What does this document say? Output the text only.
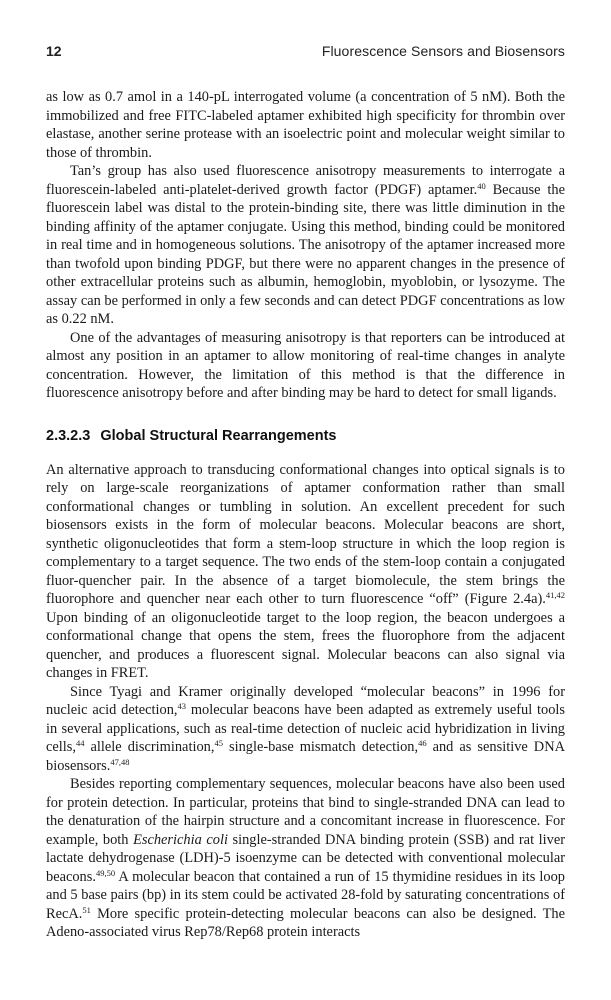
12	Fluorescence Sensors and Biosensors

as low as 0.7 amol in a 140-pL interrogated volume (a concentration of 5 nM). Both the immobilized and free FITC-labeled aptamer exhibited high specificity for thrombin over elastase, another serine protease with an isoelectric point and molecular weight similar to those of thrombin.

Tan’s group has also used fluorescence anisotropy measurements to interrogate a fluorescein-labeled anti-platelet-derived growth factor (PDGF) aptamer.$^{40}$ Because the fluorescein label was distal to the protein-binding site, there was little diminution in the binding affinity of the aptamer conjugate. Using this method, binding could be monitored in real time and in homogeneous solutions. The anisotropy of the aptamer increased more than twofold upon binding PDGF, but there were no apparent changes in the presence of other extracellular proteins such as albumin, hemoglobin, myoblobin, or lysozyme. The assay can be performed in only a few seconds and can detect PDGF concentrations as low as 0.22 nM.

One of the advantages of measuring anisotropy is that reporters can be introduced at almost any position in an aptamer to allow monitoring of real-time changes in analyte concentration. However, the limitation of this method is that the difference in fluorescence anisotropy before and after binding may be hard to detect for small ligands.

2.3.2.3 Global Structural Rearrangements

An alternative approach to transducing conformational changes into optical signals is to rely on large-scale reorganizations of aptamer conformation rather than small conformational changes or tumbling in solution. An excellent precedent for such biosensors exists in the form of molecular beacons. Molecular beacons are short, synthetic oligonucleotides that form a stem-loop structure in which the loop region is complementary to a target sequence. The two ends of the stem-loop contain a conjugated fluor-quencher pair. In the absence of a target biomolecule, the stem brings the fluorophore and quencher near each other to turn fluorescence “off” (Figure 2.4a).$^{41,42}$ Upon binding of an oligonucleotide target to the loop region, the beacon undergoes a conformational change that opens the stem, frees the fluorophore from the adjacent quencher, and produces a fluorescent signal. Molecular beacons can also signal via changes in FRET.

Since Tyagi and Kramer originally developed “molecular beacons” in 1996 for nucleic acid detection,$^{43}$ molecular beacons have been adapted as extremely useful tools in several applications, such as real-time detection of nucleic acid hybridization in living cells,$^{44}$ allele discrimination,$^{45}$ single-base mismatch detection,$^{46}$ and as sensitive DNA biosensors.$^{47,48}$

Besides reporting complementary sequences, molecular beacons have also been used for protein detection. In particular, proteins that bind to single-stranded DNA can lead to the denaturation of the hairpin structure and a concomitant increase in fluorescence. For example, both Escherichia coli single-stranded DNA binding protein (SSB) and rat liver lactate dehydrogenase (LDH)-5 isoenzyme can be detected with conventional molecular beacons.$^{49,50}$ A molecular beacon that contained a run of 15 thymidine residues in its loop and 5 base pairs (bp) in its stem could be activated 28-fold by saturating concentrations of RecA.$^{51}$ More specific protein-detecting molecular beacons can also be designed. The Adeno-associated virus Rep78/Rep68 protein interacts
